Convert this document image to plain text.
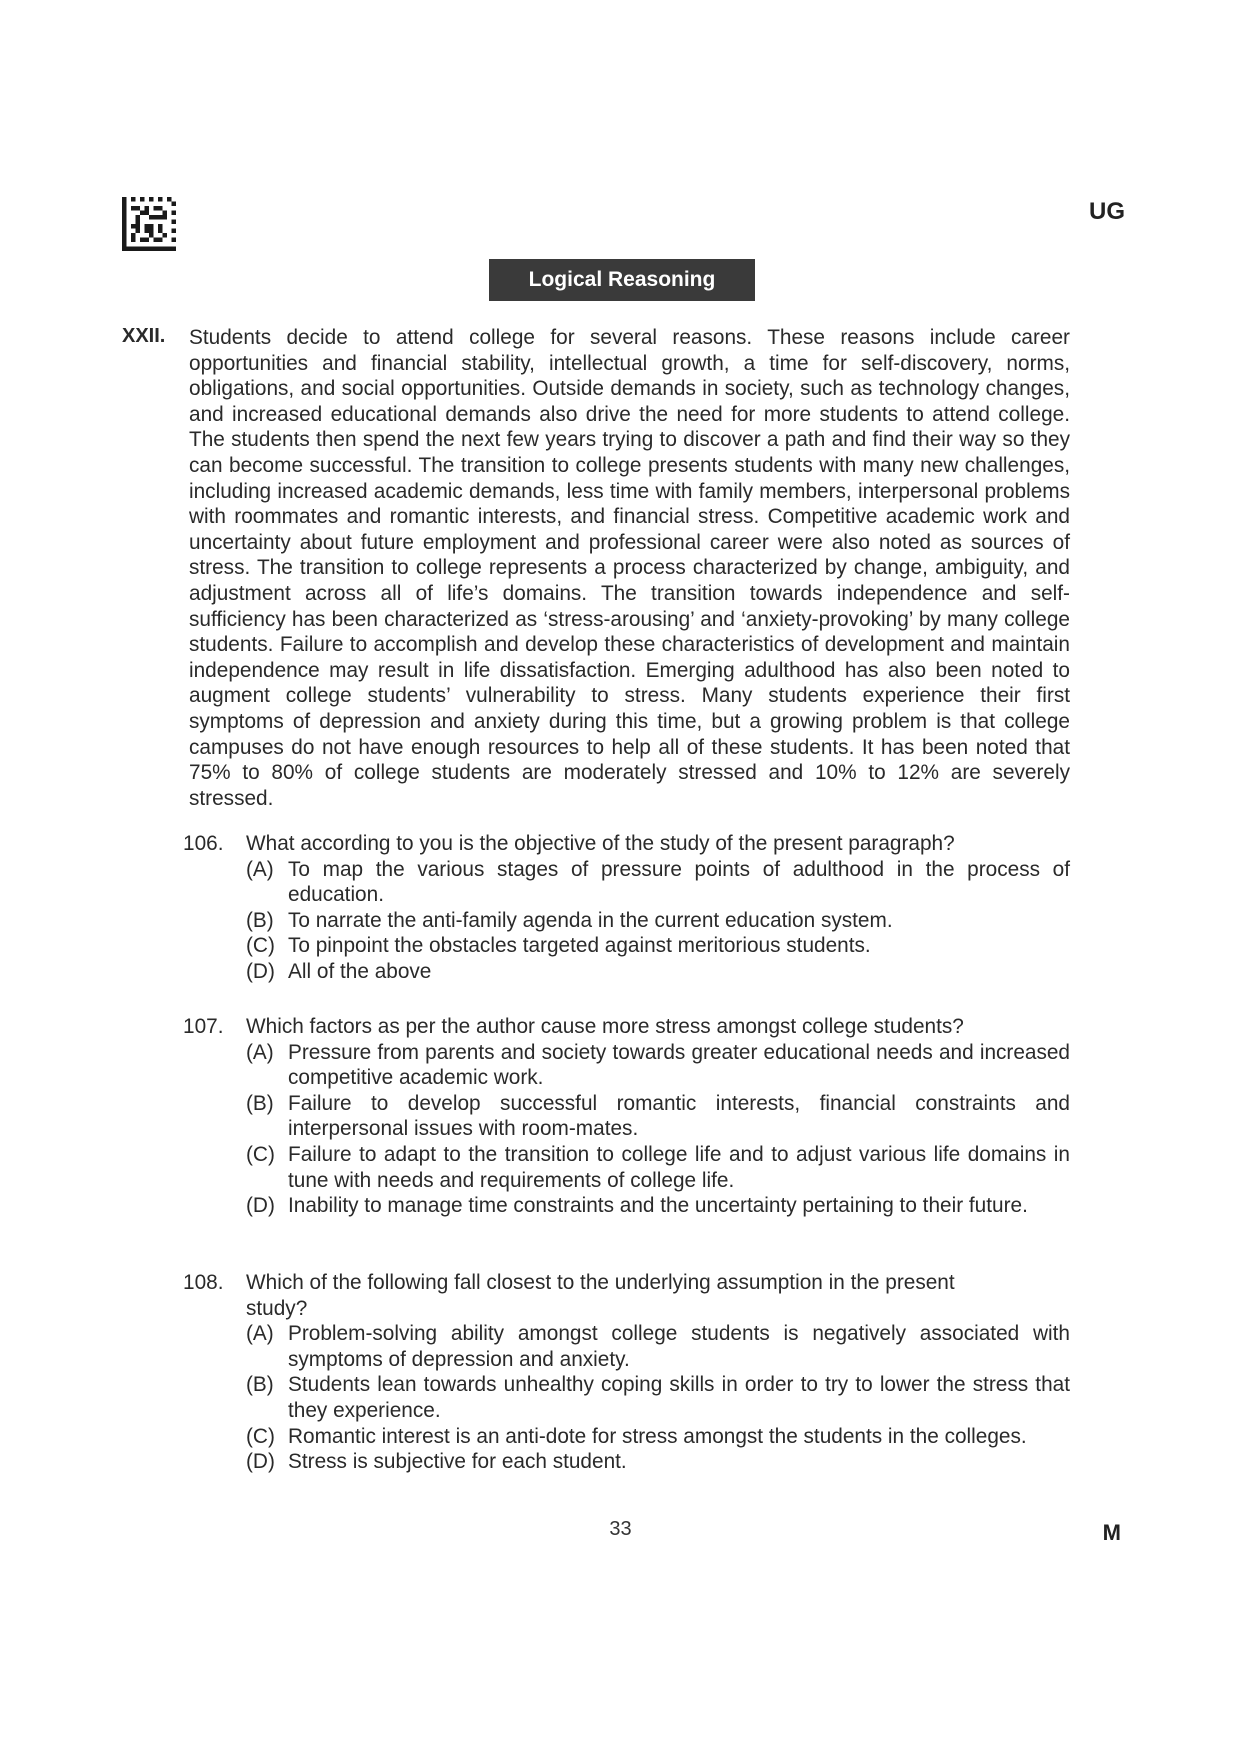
UG
Logical Reasoning
XXII. Students decide to attend college for several reasons. These reasons include career opportunities and financial stability, intellectual growth, a time for self-discovery, norms, obligations, and social opportunities. Outside demands in society, such as technology changes, and increased educational demands also drive the need for more students to attend college. The students then spend the next few years trying to discover a path and find their way so they can become successful. The transition to college presents students with many new challenges, including increased academic demands, less time with family members, interpersonal problems with roommates and romantic interests, and financial stress. Competitive academic work and uncertainty about future employment and professional career were also noted as sources of stress. The transition to college represents a process characterized by change, ambiguity, and adjustment across all of life’s domains. The transition towards independence and self-sufficiency has been characterized as ‘stress-arousing’ and ‘anxiety-provoking’ by many college students. Failure to accomplish and develop these characteristics of development and maintain independence may result in life dissatisfaction. Emerging adulthood has also been noted to augment college students’ vulnerability to stress. Many students experience their first symptoms of depression and anxiety during this time, but a growing problem is that college campuses do not have enough resources to help all of these students. It has been noted that 75% to 80% of college students are moderately stressed and 10% to 12% are severely stressed.

106. What according to you is the objective of the study of the present paragraph?
(A) To map the various stages of pressure points of adulthood in the process of education.
(B) To narrate the anti-family agenda in the current education system.
(C) To pinpoint the obstacles targeted against meritorious students.
(D) All of the above
107. Which factors as per the author cause more stress amongst college students?
(A) Pressure from parents and society towards greater educational needs and increased competitive academic work.
(B) Failure to develop successful romantic interests, financial constraints and interpersonal issues with room-mates.
(C) Failure to adapt to the transition to college life and to adjust various life domains in tune with needs and requirements of college life.
(D) Inability to manage time constraints and the uncertainty pertaining to their future.
108. Which of the following fall closest to the underlying assumption in the present study?
(A) Problem-solving ability amongst college students is negatively associated with symptoms of depression and anxiety.
(B) Students lean towards unhealthy coping skills in order to try to lower the stress that they experience.
(C) Romantic interest is an anti-dote for stress amongst the students in the colleges.
(D) Stress is subjective for each student.
33	M
